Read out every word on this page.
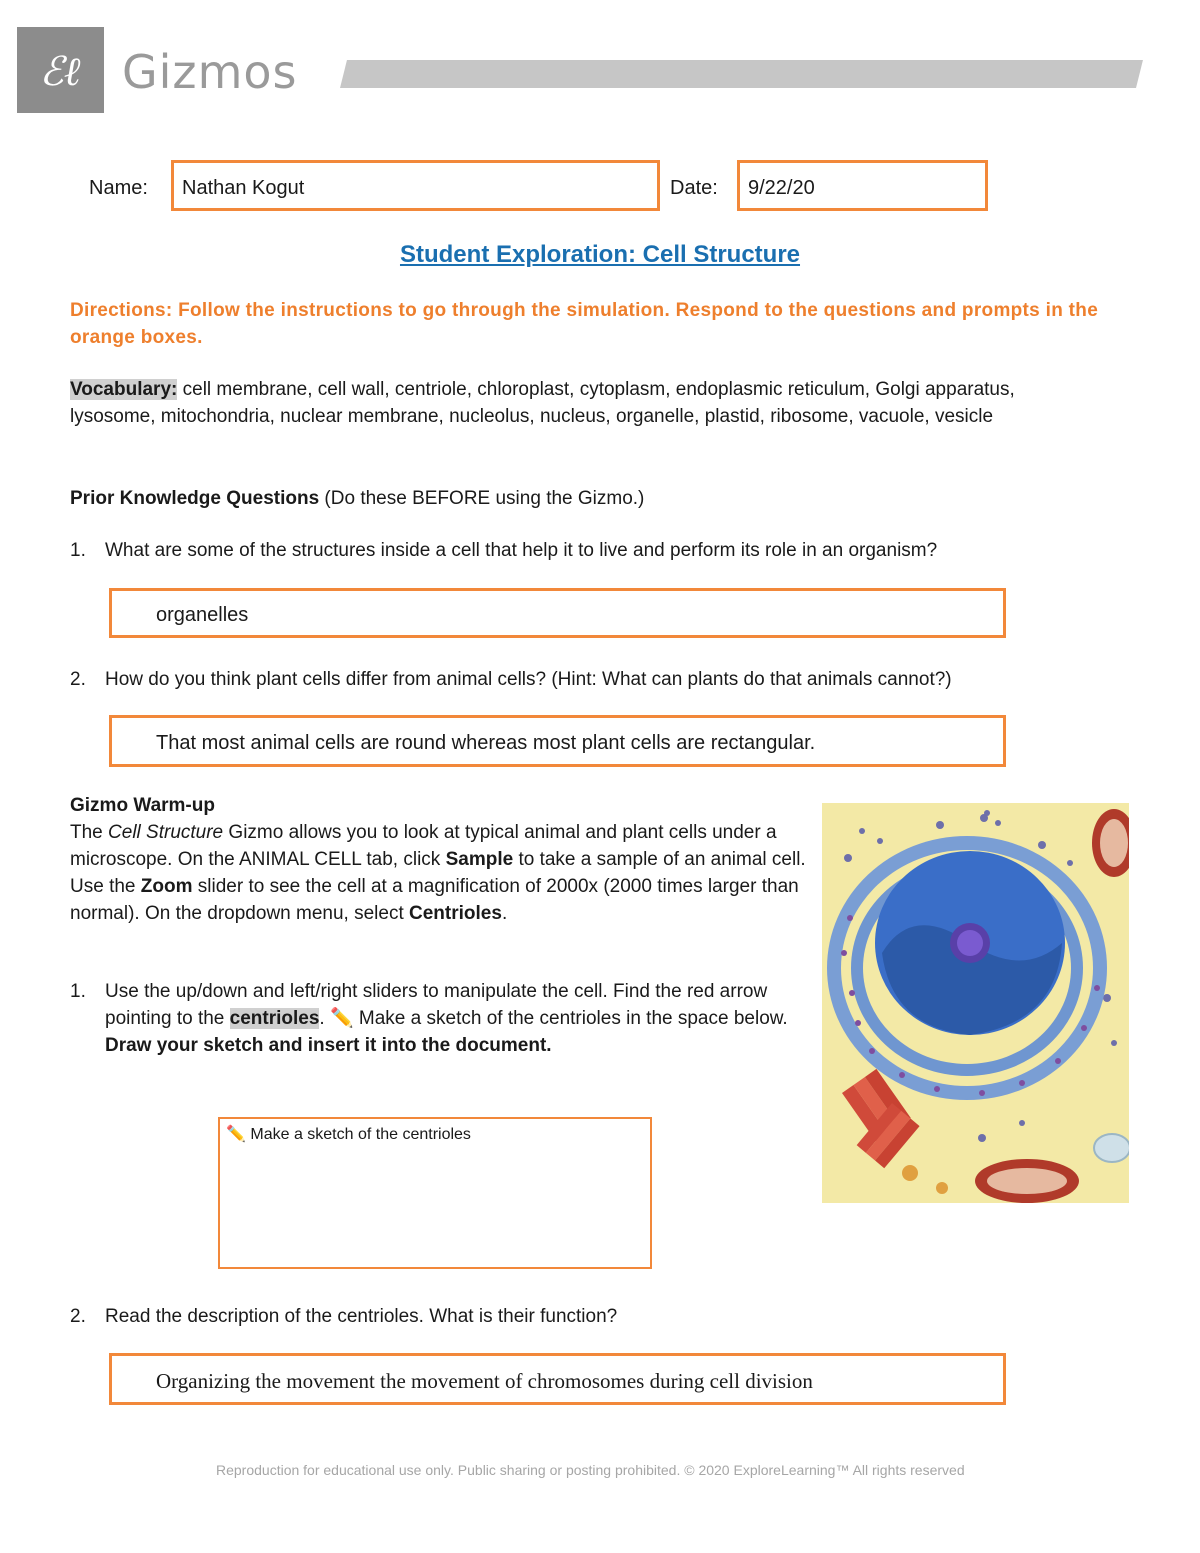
ℰℓ Gizmos
Name: Nathan Kogut	Date: 9/22/20
Student Exploration: Cell Structure
Directions: Follow the instructions to go through the simulation. Respond to the questions and prompts in the orange boxes.
Vocabulary: cell membrane, cell wall, centriole, chloroplast, cytoplasm, endoplasmic reticulum, Golgi apparatus, lysosome, mitochondria, nuclear membrane, nucleolus, nucleus, organelle, plastid, ribosome, vacuole, vesicle
Prior Knowledge Questions (Do these BEFORE using the Gizmo.)
1. What are some of the structures inside a cell that help it to live and perform its role in an organism?
organelles
2. How do you think plant cells differ from animal cells? (Hint: What can plants do that animals cannot?)
That most animal cells are round whereas most plant cells are rectangular.
Gizmo Warm-up
The Cell Structure Gizmo allows you to look at typical animal and plant cells under a microscope. On the ANIMAL CELL tab, click Sample to take a sample of an animal cell. Use the Zoom slider to see the cell at a magnification of 2000x (2000 times larger than normal). On the dropdown menu, select Centrioles.
1. Use the up/down and left/right sliders to manipulate the cell. Find the red arrow pointing to the centrioles. ✏️ Make a sketch of the centrioles in the space below. Draw your sketch and insert it into the document.
✏️ Make a sketch of the centrioles
2. Read the description of the centrioles. What is their function?
Organizing the movement the movement of chromosomes during cell division
Reproduction for educational use only. Public sharing or posting prohibited. © 2020 ExploreLearning™ All rights reserved
